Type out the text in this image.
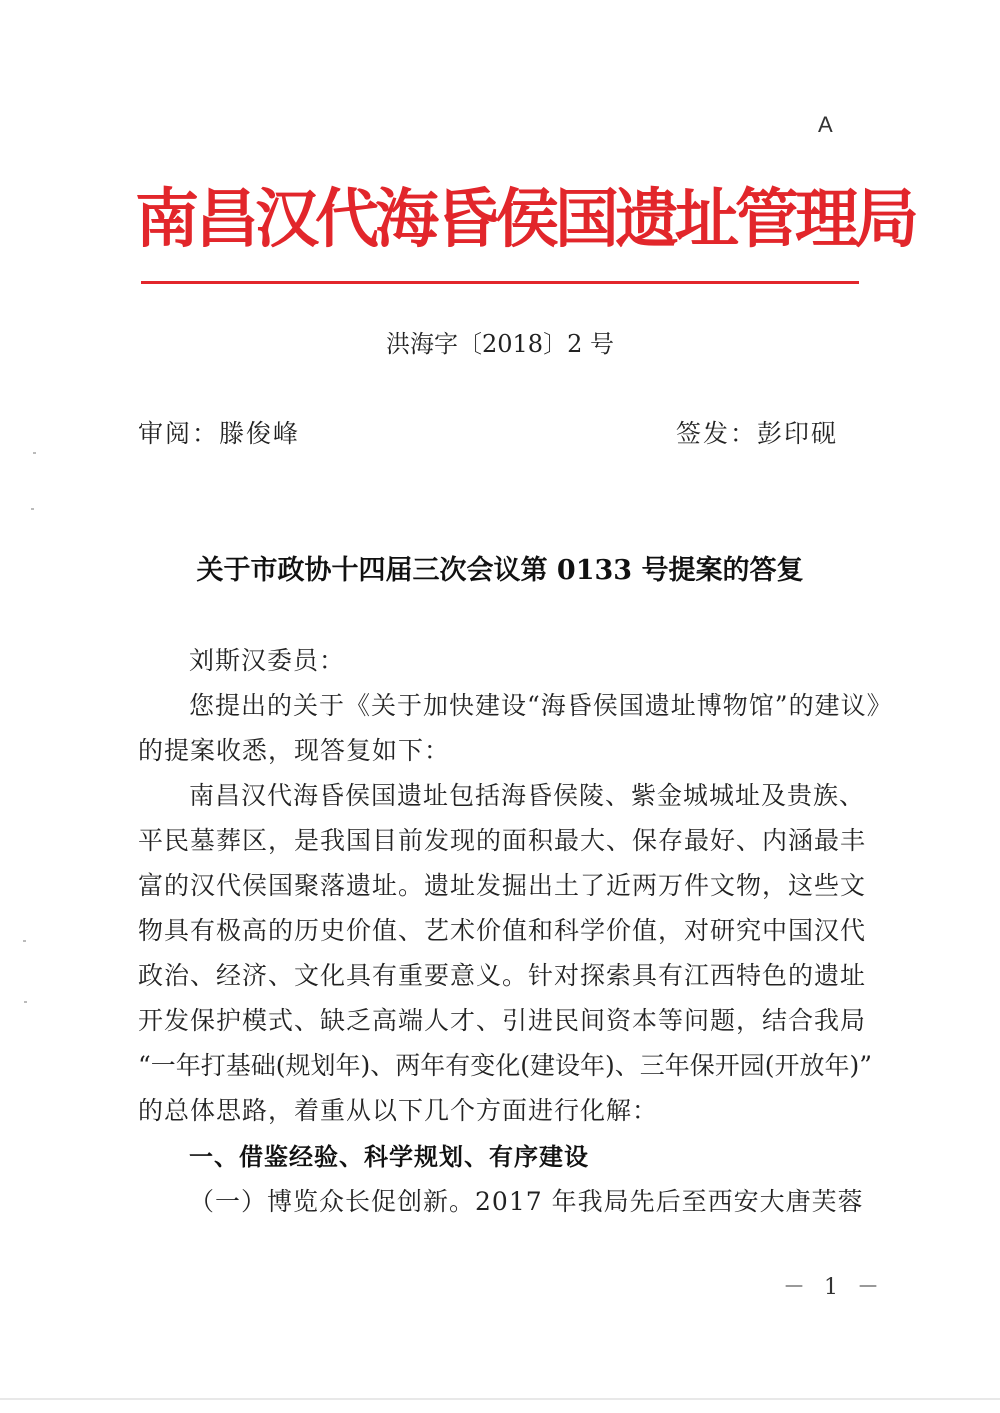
A
南昌汉代海昏侯国遗址管理局
洪海字〔2018〕2 号
审阅：滕俊峰	签发：彭印砚
关于市政协十四届三次会议第 0133 号提案的答复
刘斯汉委员：
您提出的关于《关于加快建设“海昏侯国遗址博物馆”的建议》
的提案收悉，现答复如下：
南昌汉代海昏侯国遗址包括海昏侯陵、紫金城城址及贵族、
平民墓葬区，是我国目前发现的面积最大、保存最好、内涵最丰
富的汉代侯国聚落遗址。遗址发掘出土了近两万件文物，这些文
物具有极高的历史价值、艺术价值和科学价值，对研究中国汉代
政治、经济、文化具有重要意义。针对探索具有江西特色的遗址
开发保护模式、缺乏高端人才、引进民间资本等问题，结合我局
“一年打基础(规划年)、两年有变化(建设年)、三年保开园(开放年)”
的总体思路，着重从以下几个方面进行化解：
一、借鉴经验、科学规划、有序建设
（一）博览众长促创新。2017 年我局先后至西安大唐芙蓉
－ 1 －
